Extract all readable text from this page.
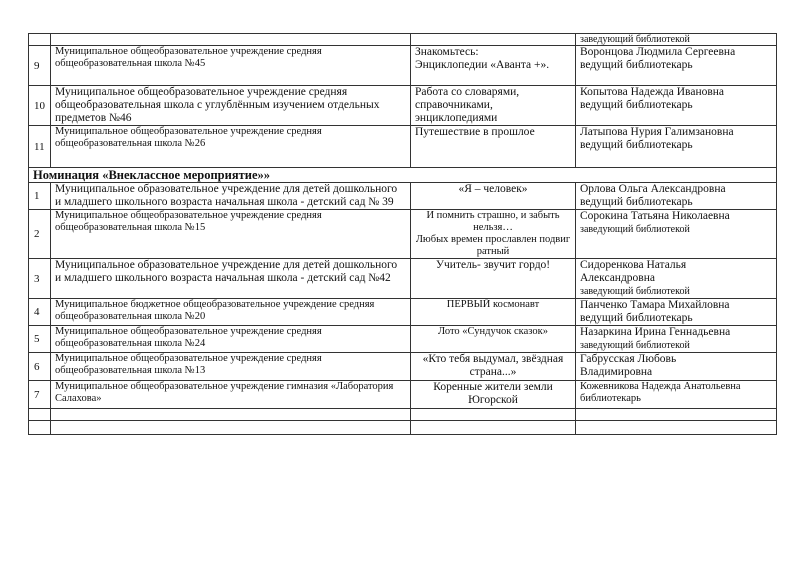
			заведующий библиотекой
9	Муниципальное общеобразовательное учреждение средняя общеобразовательная школа №45	Знакомьтесь:
Энциклопедии «Аванта +».	Воронцова Людмила Сергеевна
ведущий библиотекарь

10	Муниципальное общеобразовательное учреждение средняя общеобразовательная школа с углублённым изучением отдельных предметов №46	Работа со словарями,
справочниками,
энциклопедиями	Копытова Надежда Ивановна
ведущий библиотекарь

11	Муниципальное общеобразовательное учреждение средняя общеобразовательная школа №26	Путешествие в прошлое	Латыпова Нурия Галимзановна
ведущий библиотекарь

Номинация «Внеклассное мероприятие»»			
1	Муниципальное образовательное учреждение для детей дошкольного и младшего школьного возраста начальная школа - детский сад № 39	«Я – человек»	Орлова Ольга Александровна
ведущий библиотекарь

2	Муниципальное общеобразовательное учреждение средняя общеобразовательная школа №15	И помнить страшно, и забыть нельзя…
Любых времен прославлен подвиг ратный	Сорокина Татьяна Николаевна
заведующий библиотекой

3	Муниципальное образовательное учреждение для детей дошкольного и младшего школьного возраста начальная школа - детский сад №42	Учитель- звучит гордо!	Сидоренкова Наталья
Александровна
заведующий библиотекой

4	Муниципальное бюджетное общеобразовательное учреждение средняя общеобразовательная школа №20	ПЕРВЫЙ космонавт	Панченко Тамара Михайловна
ведущий библиотекарь

5	Муниципальное общеобразовательное учреждение средняя общеобразовательная школа №24	Лото «Сундучок сказок»	Назаркина Ирина Геннадьевна
заведующий библиотекой

6	Муниципальное общеобразовательное учреждение средняя общеобразовательная школа №13	«Кто тебя выдумал, звёздная страна...»	Габрусская Любовь
Владимировна

7	Муниципальное общеобразовательное учреждение гимназия «Лаборатория Салахова»	Коренные жители земли Югорской	Кожевникова Надежда Анатольевна
библиотекарь
